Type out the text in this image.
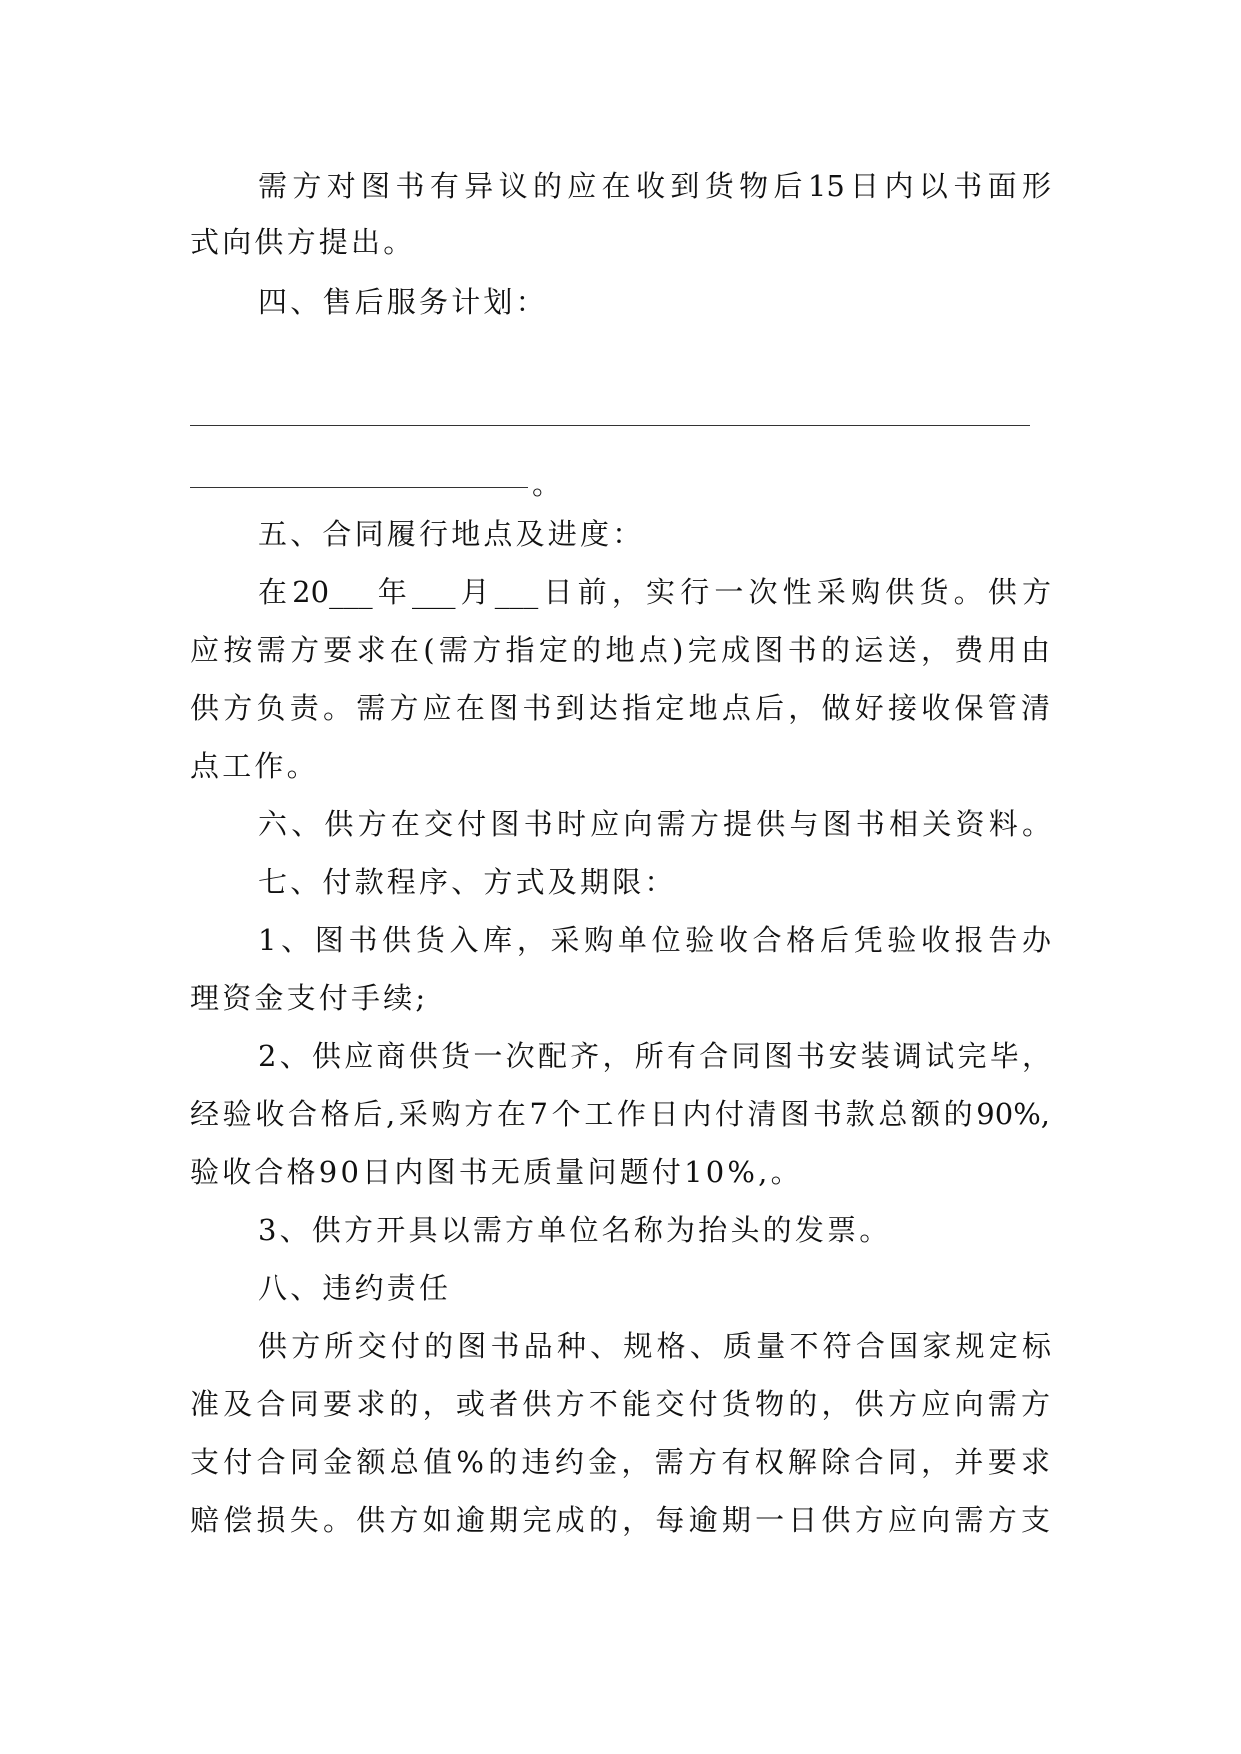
需方对图书有异议的应在收到货物后15日内以书面形
式向供方提出。
四、售后服务计划：
。
五、合同履行地点及进度：
在20___年___月___日前，实行一次性采购供货。供方
应按需方要求在(需方指定的地点)完成图书的运送，费用由
供方负责。需方应在图书到达指定地点后，做好接收保管清
点工作。
六、供方在交付图书时应向需方提供与图书相关资料。
七、付款程序、方式及期限：
1、图书供货入库，采购单位验收合格后凭验收报告办
理资金支付手续;
2、供应商供货一次配齐，所有合同图书安装调试完毕，
经验收合格后,采购方在7个工作日内付清图书款总额的90%,
验收合格90日内图书无质量问题付10%,。
3、供方开具以需方单位名称为抬头的发票。
八、违约责任
供方所交付的图书品种、规格、质量不符合国家规定标
准及合同要求的，或者供方不能交付货物的，供方应向需方
支付合同金额总值%的违约金，需方有权解除合同，并要求
赔偿损失。供方如逾期完成的，每逾期一日供方应向需方支
